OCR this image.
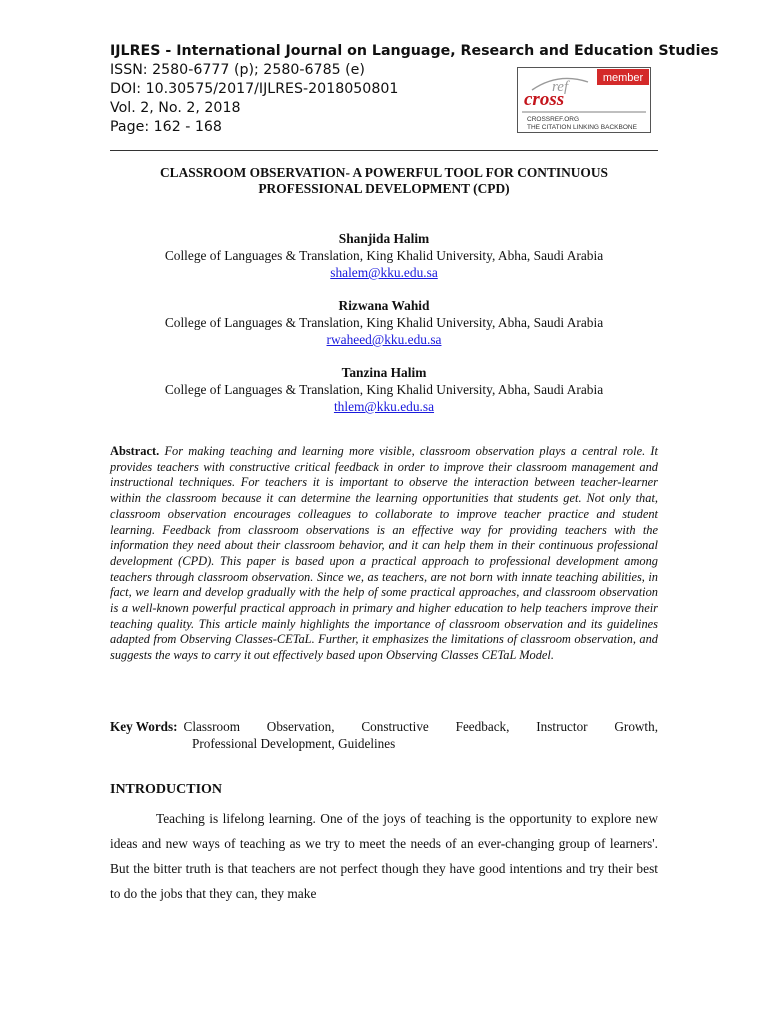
IJLRES - International Journal on Language, Research and Education Studies
ISSN: 2580-6777 (p); 2580-6785 (e)
DOI: 10.30575/2017/IJLRES-2018050801
Vol. 2, No. 2, 2018
Page: 162 - 168
member
ref
cross
CROSSREF.ORG
THE CITATION LINKING BACKBONE
CLASSROOM OBSERVATION- A POWERFUL TOOL FOR CONTINUOUS
PROFESSIONAL DEVELOPMENT (CPD)
Shanjida Halim
College of Languages & Translation, King Khalid University, Abha, Saudi Arabia
shalem@kku.edu.sa
Rizwana Wahid
College of Languages & Translation, King Khalid University, Abha, Saudi Arabia
rwaheed@kku.edu.sa
Tanzina Halim
College of Languages & Translation, King Khalid University, Abha, Saudi Arabia
thlem@kku.edu.sa
Abstract. For making teaching and learning more visible, classroom observation plays a central role. It provides teachers with constructive critical feedback in order to improve their classroom management and instructional techniques. For teachers it is important to observe the interaction between teacher-learner within the classroom because it can determine the learning opportunities that students get. Not only that, classroom observation encourages colleagues to collaborate to improve teacher practice and student learning. Feedback from classroom observations is an effective way for providing teachers with the information they need about their classroom behavior, and it can help them in their continuous professional development (CPD). This paper is based upon a practical approach to professional development among teachers through classroom observation. Since we, as teachers, are not born with innate teaching abilities, in fact, we learn and develop gradually with the help of some practical approaches, and classroom observation is a well-known powerful practical approach in primary and higher education to help teachers improve their teaching quality. This article mainly highlights the importance of classroom observation and its guidelines adapted from Observing Classes-CETaL. Further, it emphasizes the limitations of classroom observation, and suggests the ways to carry it out effectively based upon Observing Classes CETaL Model.
Key Words: Classroom Observation, Constructive Feedback, Instructor Growth,
Professional Development, Guidelines
INTRODUCTION
Teaching is lifelong learning. One of the joys of teaching is the opportunity to explore new ideas and new ways of teaching as we try to meet the needs of an ever-changing group of learners'. But the bitter truth is that teachers are not perfect though they have good intentions and try their best to do the jobs that they can, they make
